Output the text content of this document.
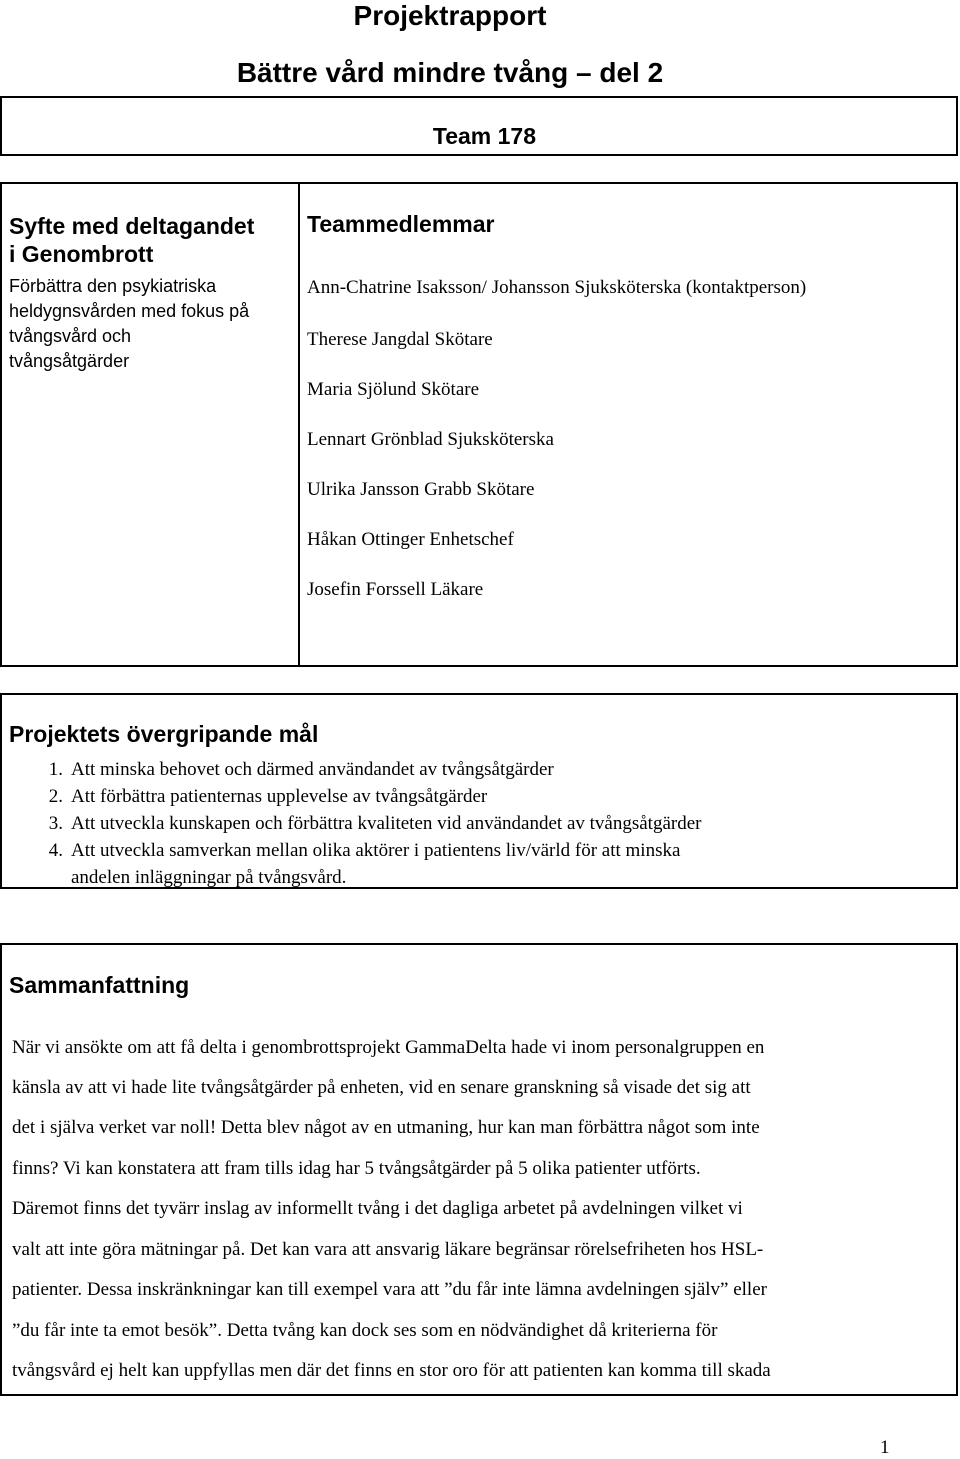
Projektrapport
Bättre vård mindre tvång – del 2
Team 178
Syfte med deltagandet
i Genombrott
Förbättra den psykiatriska
heldygnsvården med fokus på
tvångsvård och
tvångsåtgärder
Teammedlemmar
Ann-Chatrine Isaksson/ Johansson Sjuksköterska (kontaktperson)
Therese Jangdal Skötare
Maria Sjölund Skötare
Lennart Grönblad Sjuksköterska
Ulrika Jansson Grabb Skötare
Håkan Ottinger Enhetschef
Josefin Forssell Läkare
Projektets övergripande mål
1. Att minska behovet och därmed användandet av tvångsåtgärder
2. Att förbättra patienternas upplevelse av tvångsåtgärder
3. Att utveckla kunskapen och förbättra kvaliteten vid användandet av tvångsåtgärder
4. Att utveckla samverkan mellan olika aktörer i patientens liv/värld för att minska
andelen inläggningar på tvångsvård.
Sammanfattning
När vi ansökte om att få delta i genombrottsprojekt GammaDelta hade vi inom personalgruppen en
känsla av att vi hade lite tvångsåtgärder på enheten, vid en senare granskning så visade det sig att
det i själva verket var noll! Detta blev något av en utmaning, hur kan man förbättra något som inte
finns? Vi kan konstatera att fram tills idag har 5 tvångsåtgärder på 5 olika patienter utförts.
Däremot finns det tyvärr inslag av informellt tvång i det dagliga arbetet på avdelningen vilket vi
valt att inte göra mätningar på. Det kan vara att ansvarig läkare begränsar rörelsefriheten hos HSL-
patienter. Dessa inskränkningar kan till exempel vara att ”du får inte lämna avdelningen själv” eller
”du får inte ta emot besök”. Detta tvång kan dock ses som en nödvändighet då kriterierna för
tvångsvård ej helt kan uppfyllas men där det finns en stor oro för att patienten kan komma till skada
1
